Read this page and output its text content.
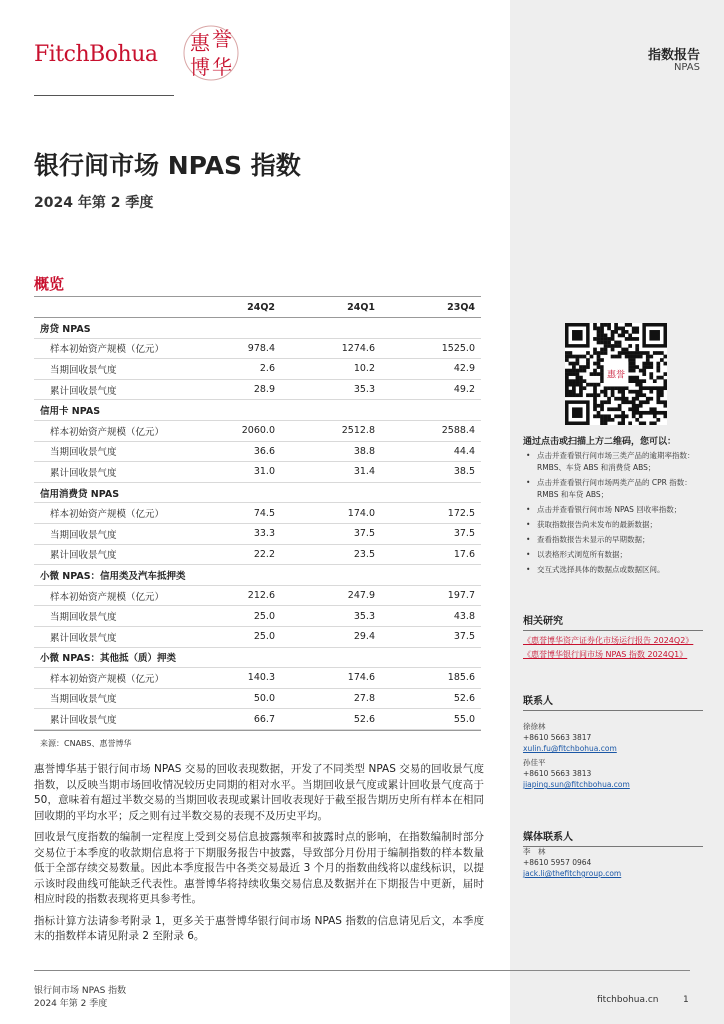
FitchBohua 惠 誉
博 华	指数报告
NPAS
银行间市场 NPAS 指数
2024 年第 2 季度
概览
24Q2	24Q1	23Q4
房贷 NPAS
样本初始资产规模（亿元）	978.4	1274.6	1525.0
当期回收景气度	2.6	10.2	42.9
累计回收景气度	28.9	35.3	49.2
信用卡 NPAS
样本初始资产规模（亿元）	2060.0	2512.8	2588.4
当期回收景气度	36.6	38.8	44.4
累计回收景气度	31.0	31.4	38.5
信用消费贷 NPAS
样本初始资产规模（亿元）	74.5	174.0	172.5
当期回收景气度	33.3	37.5	37.5
累计回收景气度	22.2	23.5	17.6
小微 NPAS：信用类及汽车抵押类
样本初始资产规模（亿元）	212.6	247.9	197.7
当期回收景气度	25.0	35.3	43.8
累计回收景气度	25.0	29.4	37.5
小微 NPAS：其他抵（质）押类
样本初始资产规模（亿元）	140.3	174.6	185.6
当期回收景气度	50.0	27.8	52.6
累计回收景气度	66.7	52.6	55.0
来源：CNABS、惠誉博华

惠誉博华基于银行间市场 NPAS 交易的回收表现数据，开发了不同类型 NPAS 交易的回收景气度指数，以反映当期市场回收情况较历史同期的相对水平。当期回收景气度或累计回收景气度高于 50，意味着有超过半数交易的当期回收表现或累计回收表现好于截至报告期历史所有样本在相同回收期的平均水平；反之则有过半数交易的表现不及历史平均。

回收景气度指数的编制一定程度上受到交易信息披露频率和披露时点的影响，在指数编制时部分交易位于本季度的收款期信息将于下期服务报告中披露，导致部分月份用于编制指数的样本数量低于全部存续交易数量。因此本季度报告中各类交易最近 3 个月的指数曲线将以虚线标识，以提示该时段曲线可能缺乏代表性。惠誉博华将持续收集交易信息及数据并在下期报告中更新，届时相应时段的指数表现将更具参考性。

指标计算方法请参考附录 1，更多关于惠誉博华银行间市场 NPAS 指数的信息请见后文，本季度末的指数样本请见附录 2 至附录 6。

惠誉
通过点击或扫描上方二维码，您可以：
• 点击并查看银行间市场三类产品的逾期率指数：RMBS、车贷 ABS 和消费贷 ABS；
• 点击并查看银行间市场两类产品的 CPR 指数：RMBS 和车贷 ABS；
• 点击并查看银行间市场 NPAS 回收率指数；
• 获取指数报告尚未发布的最新数据；
• 查看指数报告未显示的早期数据；
• 以表格形式浏览所有数据；
• 交互式选择具体的数据点或数据区间。
相关研究
《惠誉博华资产证券化市场运行报告 2024Q2》
《惠誉博华银行间市场 NPAS 指数 2024Q1》
联系人
徐徐林
+8610 5663 3817
xulin.fu@fitchbohua.com
孙佳平
+8610 5663 3813
jiaping.sun@fitchbohua.com
媒体联系人
李　林
+8610 5957 0964
jack.li@thefitchgroup.com
银行间市场 NPAS 指数
2024 年第 2 季度	fitchbohua.cn	1
